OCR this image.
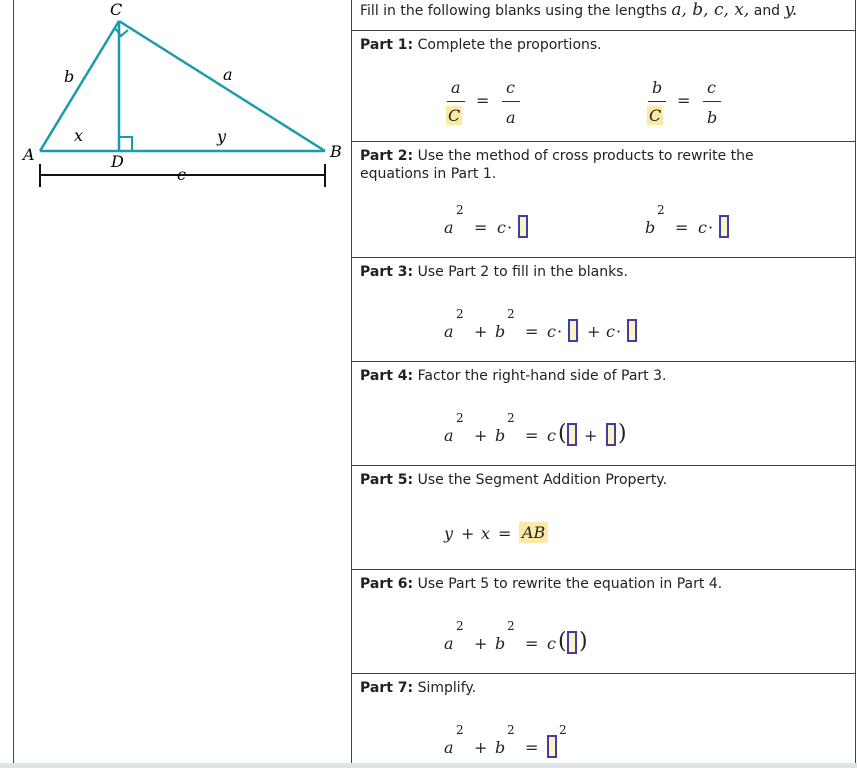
C
A	B
D
b	a
x	y
c
Fill in the following blanks using the lengths a, b, c, x, and y.
Part 1: Complete the proportions.
a
C
=
c
a
b
C
=
c
b
Part 2: Use the method of cross products to rewrite the equations in Part 1.
a
2
= c ·	b
2
= c ·
Part 3: Use Part 2 to fill in the blanks.
a
2
+ b
2
= c · + c ·
Part 4: Factor the right-hand side of Part 3.
a
2
+ b
2
= c ( + )
Part 5: Use the Segment Addition Property.
y + x = AB
Part 6: Use Part 5 to rewrite the equation in Part 4.
a
2
+ b
2
= c ( )
Part 7: Simplify.
a
2
+ b
2
=
2
